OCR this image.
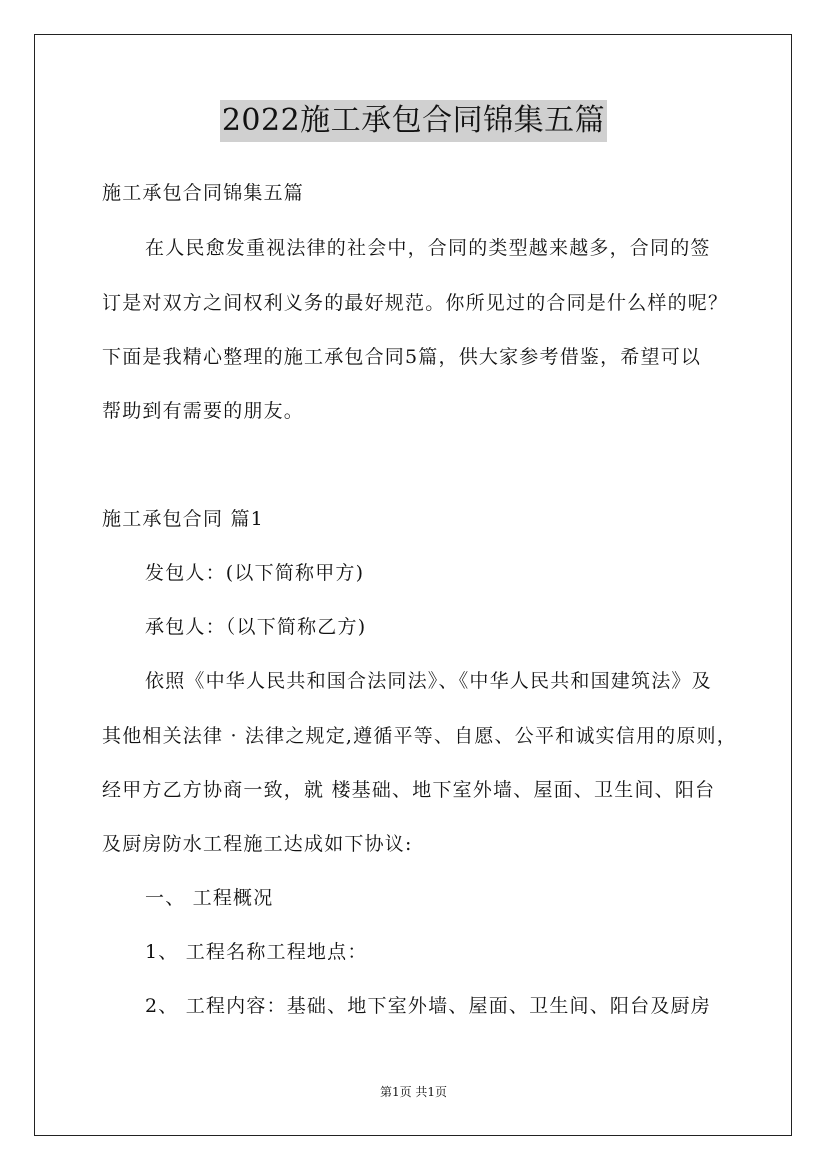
2022施工承包合同锦集五篇
施工承包合同锦集五篇
在人民愈发重视法律的社会中，合同的类型越来越多，合同的签
订是对双方之间权利义务的最好规范。你所见过的合同是什么样的呢？
下面是我精心整理的施工承包合同5篇，供大家参考借鉴，希望可以
帮助到有需要的朋友。
施工承包合同 篇1
发包人：(以下简称甲方)
承包人：（以下简称乙方)
依照《中华人民共和国合法同法》、《中华人民共和国建筑法》及
其他相关法律 · 法律之规定,遵循平等、自愿、公平和诚实信用的原则，
经甲方乙方协商一致，就 楼基础、地下室外墙、屋面、卫生间、阳台
及厨房防水工程施工达成如下协议:
一、 工程概况
1、 工程名称工程地点：
2、 工程内容：基础、地下室外墙、屋面、卫生间、阳台及厨房
第1页 共1页
